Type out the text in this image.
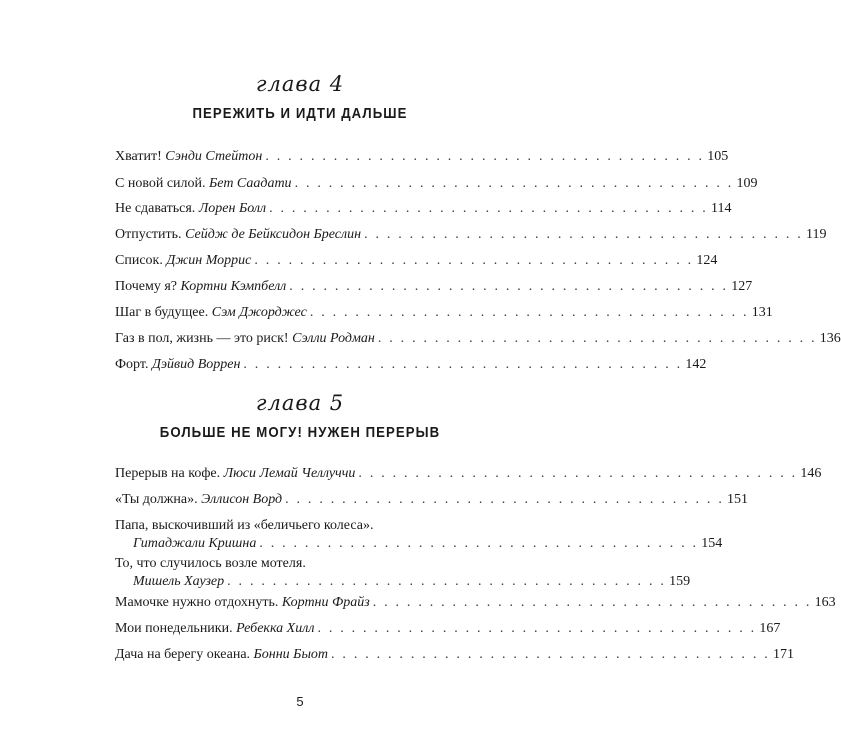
глава 4
ПЕРЕЖИТЬ И ИДТИ ДАЛЬШЕ
Хватит!
Сэнди Стейтон . . . . . . . . . . . . . . . . . . . . . . . . . . . . . . . . . . . . . . . 105
С новой силой.
Бет Саадати . . . . . . . . . . . . . . . . . . . . . . . . . . . . . . . . . . . . . . . 109
Не сдаваться.
Лорен Болл . . . . . . . . . . . . . . . . . . . . . . . . . . . . . . . . . . . . . . . 114
Отпустить.
Сейдж де Бейксидон Бреслин . . . . . . . . . . . . . . . . . . . . . . . . . . . . . . . . . . . . . . . 119
Список.
Джин Моррис . . . . . . . . . . . . . . . . . . . . . . . . . . . . . . . . . . . . . . . 124
Почему я?
Кортни Кэмпбелл . . . . . . . . . . . . . . . . . . . . . . . . . . . . . . . . . . . . . . . 127
Шаг в будущее.
Сэм Джорджес . . . . . . . . . . . . . . . . . . . . . . . . . . . . . . . . . . . . . . . 131
Газ в пол, жизнь — это риск!
Сэлли Родман . . . . . . . . . . . . . . . . . . . . . . . . . . . . . . . . . . . . . . . 136
Форт.
Дэйвид Воррен . . . . . . . . . . . . . . . . . . . . . . . . . . . . . . . . . . . . . . . 142
глава 5
БОЛЬШЕ НЕ МОГУ! НУЖЕН ПЕРЕРЫВ
Перерыв на кофе.
Люси Лемай Челлуччи . . . . . . . . . . . . . . . . . . . . . . . . . . . . . . . . . . . . . . . 146
«Ты должна».
Эллисон Ворд . . . . . . . . . . . . . . . . . . . . . . . . . . . . . . . . . . . . . . . 151
Папа, выскочивший из «беличьего колеса».
Гитаджали Кришна . . . . . . . . . . . . . . . . . . . . . . . . . . . . . . . . . . . . . . . 154
То, что случилось возле мотеля.
Мишель Хаузер . . . . . . . . . . . . . . . . . . . . . . . . . . . . . . . . . . . . . . . 159
Мамочке нужно отдохнуть.
Кортни Фрайз . . . . . . . . . . . . . . . . . . . . . . . . . . . . . . . . . . . . . . . 163
Мои понедельники.
Ребекка Хилл . . . . . . . . . . . . . . . . . . . . . . . . . . . . . . . . . . . . . . . 167
Дача на берегу океана.
Бонни Быот . . . . . . . . . . . . . . . . . . . . . . . . . . . . . . . . . . . . . . . 171
5
